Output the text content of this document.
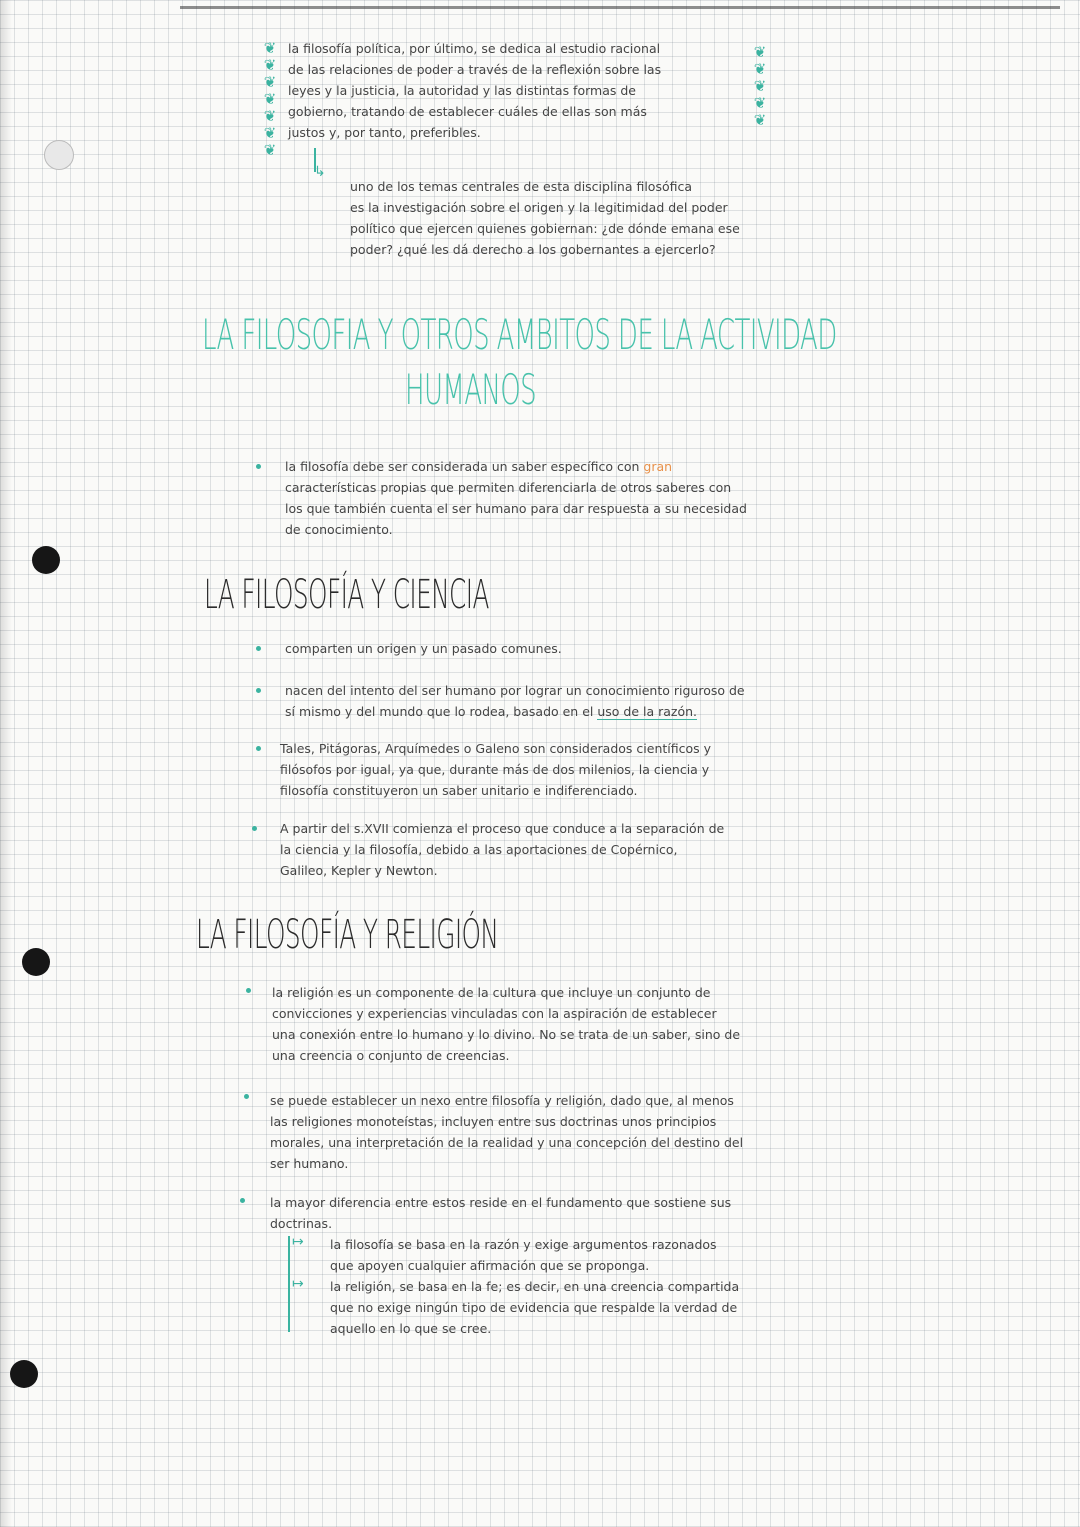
❦
❦
❦
❦
❦
❦
❦
❦
❦
❦
❦
❦
la filosofía política, por último, se dedica al estudio racional
de las relaciones de poder a través de la reflexión sobre las
leyes y la justicia, la autoridad y las distintas formas de
gobierno, tratando de establecer cuáles de ellas son más
justos y, por tanto, preferibles.
↳
uno de los temas centrales de esta disciplina filosófica
es la investigación sobre el origen y la legitimidad del poder
político que ejercen quienes gobiernan: ¿de dónde emana ese
poder? ¿qué les dá derecho a los gobernantes a ejercerlo?
LA FILOSOFIA Y OTROS AMBITOS DE LA ACTIVIDAD
HUMANOS
la filosofía debe ser considerada un saber específico con gran
características propias que permiten diferenciarla de otros saberes con
los que también cuenta el ser humano para dar respuesta a su necesidad
de conocimiento.
LA FILOSOFÍA Y CIENCIA
comparten un origen y un pasado comunes.
nacen del intento del ser humano por lograr un conocimiento riguroso de
sí mismo y del mundo que lo rodea, basado en el uso de la razón.
Tales, Pitágoras, Arquímedes o Galeno son considerados científicos y
filósofos por igual, ya que, durante más de dos milenios, la ciencia y
filosofía constituyeron un saber unitario e indiferenciado.
A partir del s.XVII comienza el proceso que conduce a la separación de
la ciencia y la filosofía, debido a las aportaciones de Copérnico,
Galileo, Kepler y Newton.
LA FILOSOFÍA Y RELIGIÓN
la religión es un componente de la cultura que incluye un conjunto de
convicciones y experiencias vinculadas con la aspiración de establecer
una conexión entre lo humano y lo divino. No se trata de un saber, sino de
una creencia o conjunto de creencias.
se puede establecer un nexo entre filosofía y religión, dado que, al menos
las religiones monoteístas, incluyen entre sus doctrinas unos principios
morales, una interpretación de la realidad y una concepción del destino del
ser humano.
la mayor diferencia entre estos reside en el fundamento que sostiene sus
doctrinas.
↦ la filosofía se basa en la razón y exige argumentos razonados
que apoyen cualquier afirmación que se proponga.
↦ la religión, se basa en la fe; es decir, en una creencia compartida
que no exige ningún tipo de evidencia que respalde la verdad de
aquello en lo que se cree.
